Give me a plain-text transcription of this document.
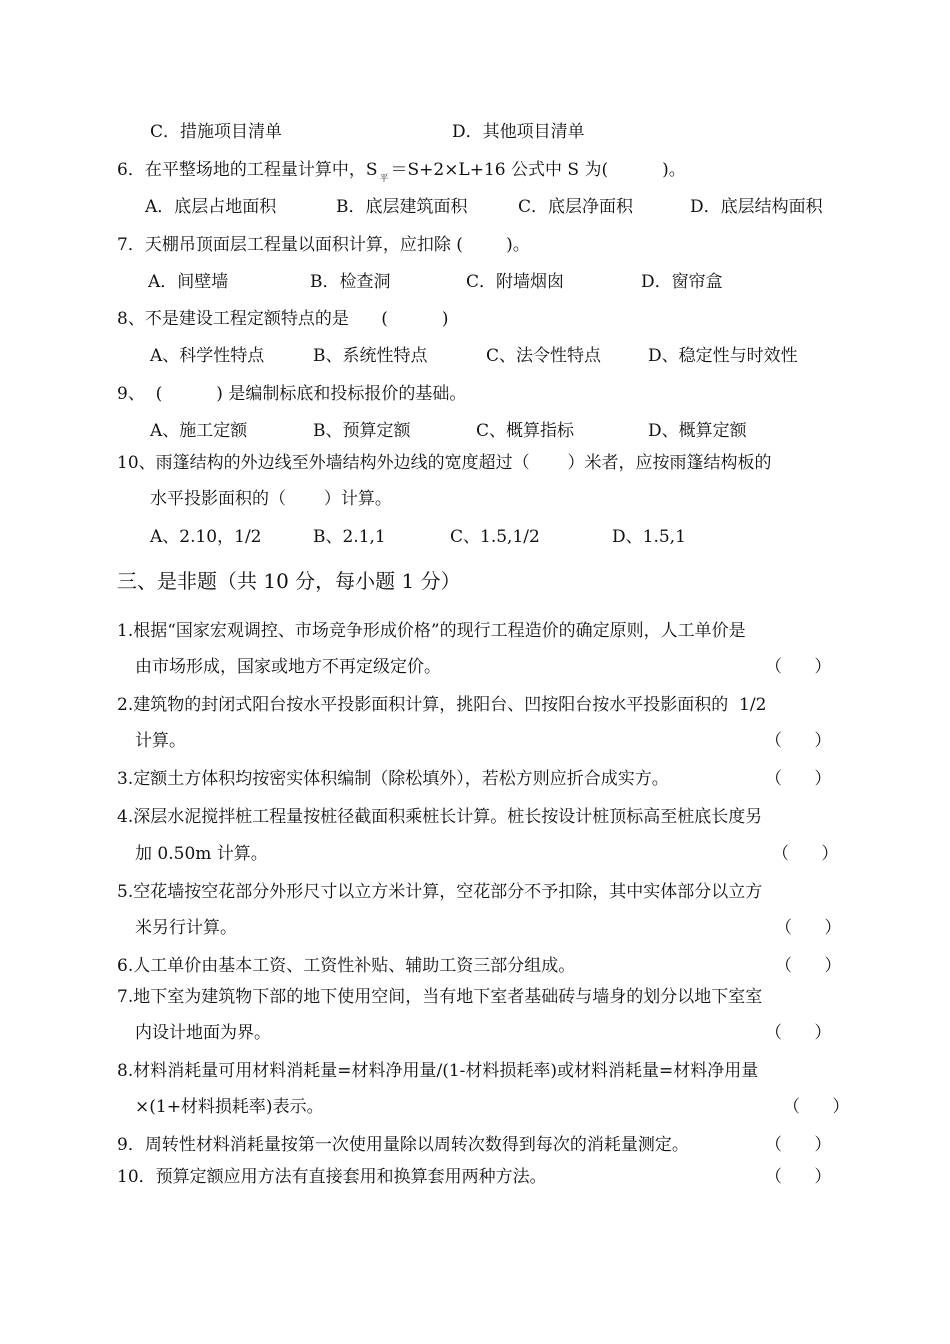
C．措施项目清单	D．其他项目清单
6．在平整场地的工程量计算中，S $_平$ ＝S+2×L+16 公式中 S 为(          )。
A．底层占地面积	B．底层建筑面积	C．底层净面积	D．底层结构面积
7．天棚吊顶面层工程量以面积计算，应扣除 (        )。
A．间壁墙	B．检查洞	C．附墙烟囱	D．窗帘盒
8、不是建设工程定额特点的是      (          )
A、科学性特点	B、系统性特点	C、法令性特点	D、稳定性与时效性
9、  (          ) 是编制标底和投标报价的基础。
A、施工定额	B、预算定额	C、概算指标	D、概算定额
10、雨篷结构的外边线至外墙结构外边线的宽度超过（       ）米者，应按雨篷结构板的
水平投影面积的（       ）计算。
A、2.10，1/2	B、2.1,1	C、1.5,1/2	D、1.5,1
三、是非题（共 10 分，每小题 1 分）
1.根据“国家宏观调控、市场竞争形成价格”的现行工程造价的确定原则，人工单价是
由市场形成，国家或地方不再定级定价。	（      ）
2.建筑物的封闭式阳台按水平投影面积计算，挑阳台、凹按阳台按水平投影面积的  1/2
计算。	（      ）
3.定额土方体积均按密实体积编制（除松填外），若松方则应折合成实方。	（      ）
4.深层水泥搅拌桩工程量按桩径截面积乘桩长计算。桩长按设计桩顶标高至桩底长度另
加 0.50m 计算。	（      ）
5.空花墙按空花部分外形尺寸以立方米计算，空花部分不予扣除，其中实体部分以立方
米另行计算。	（      ）
6.人工单价由基本工资、工资性补贴、辅助工资三部分组成。	（      ）
7.地下室为建筑物下部的地下使用空间，当有地下室者基础砖与墙身的划分以地下室室
内设计地面为界。	（      ）
8.材料消耗量可用材料消耗量=材料净用量/(1-材料损耗率)或材料消耗量=材料净用量
×(1+材料损耗率)表示。	（      ）
9．周转性材料消耗量按第一次使用量除以周转次数得到每次的消耗量测定。	（      ）
10．预算定额应用方法有直接套用和换算套用两种方法。	（      ）
